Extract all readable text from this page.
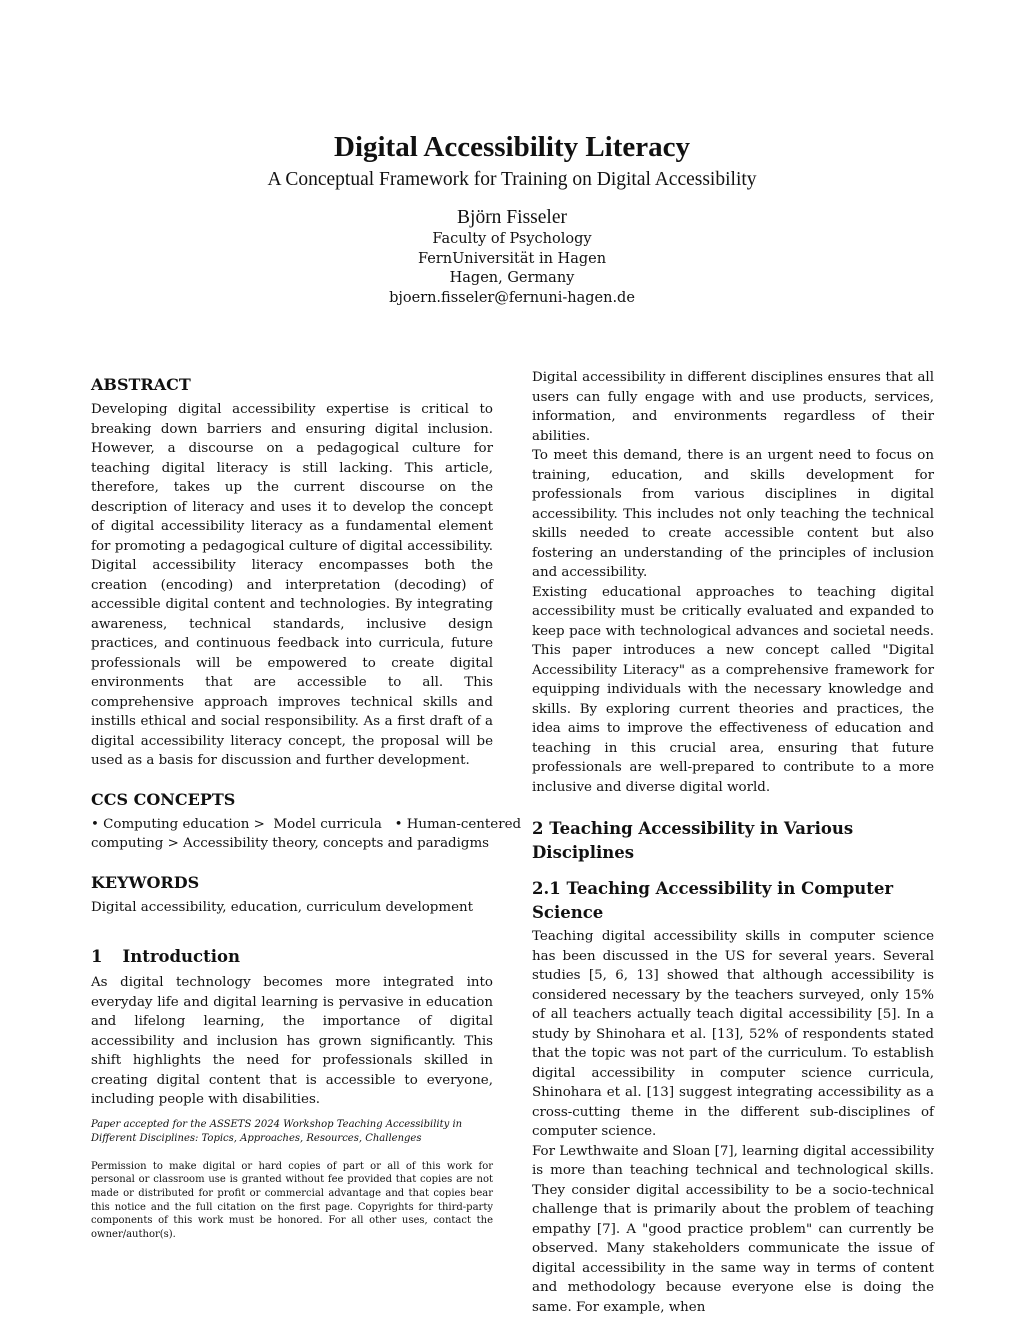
Digital Accessibility Literacy
A Conceptual Framework for Training on Digital Accessibility
Björn Fisseler
Faculty of Psychology
FernUniversität in Hagen
Hagen, Germany
bjoern.fisseler@fernuni-hagen.de
ABSTRACT

Developing digital accessibility expertise is critical to breaking down barriers and ensuring digital inclusion. However, a discourse on a pedagogical culture for teaching digital literacy is still lacking. This article, therefore, takes up the current discourse on the description of literacy and uses it to develop the concept of digital accessibility literacy as a fundamental element for promoting a pedagogical culture of digital accessibility. Digital accessibility literacy encompasses both the creation (encoding) and interpretation (decoding) of accessible digital content and technologies. By integrating awareness, technical standards, inclusive design practices, and continuous feedback into curricula, future professionals will be empowered to create digital environments that are accessible to all. This comprehensive approach improves technical skills and instills ethical and social responsibility. As a first draft of a digital accessibility literacy concept, the proposal will be used as a basis for discussion and further development.

CCS CONCEPTS
• Computing education >  Model curricula   • Human-centered
computing > Accessibility theory, concepts and paradigms
KEYWORDS
Digital accessibility, education, curriculum development
1 Introduction

As digital technology becomes more integrated into everyday life and digital learning is pervasive in education and lifelong learning, the importance of digital accessibility and inclusion has grown significantly. This shift highlights the need for professionals skilled in creating digital content that is accessible to everyone, including people with disabilities.

Paper accepted for the ASSETS 2024 Workshop Teaching Accessibility in

Different Disciplines: Topics, Approaches, Resources, Challenges

Permission to make digital or hard copies of part or all of this work for personal or classroom use is granted without fee provided that copies are not made or distributed for profit or commercial advantage and that copies bear this notice and the full citation on the first page. Copyrights for third-party components of this work must be honored. For all other uses, contact the owner/author(s).

Digital accessibility in different disciplines ensures that all users can fully engage with and use products, services, information, and environments regardless of their abilities.

To meet this demand, there is an urgent need to focus on training, education, and skills development for professionals from various disciplines in digital accessibility. This includes not only teaching the technical skills needed to create accessible content but also fostering an understanding of the principles of inclusion and accessibility.

Existing educational approaches to teaching digital accessibility must be critically evaluated and expanded to keep pace with technological advances and societal needs. This paper introduces a new concept called "Digital Accessibility Literacy" as a comprehensive framework for equipping individuals with the necessary knowledge and skills. By exploring current theories and practices, the idea aims to improve the effectiveness of education and teaching in this crucial area, ensuring that future professionals are well-prepared to contribute to a more inclusive and diverse digital world.

2 Teaching Accessibility in Various Disciplines
2.1 Teaching Accessibility in Computer Science

Teaching digital accessibility skills in computer science has been discussed in the US for several years. Several studies [5, 6, 13] showed that although accessibility is considered necessary by the teachers surveyed, only 15% of all teachers actually teach digital accessibility [5]. In a study by Shinohara et al. [13], 52% of respondents stated that the topic was not part of the curriculum. To establish digital accessibility in computer science curricula, Shinohara et al. [13] suggest integrating accessibility as a cross-cutting theme in the different sub-disciplines of computer science.

For Lewthwaite and Sloan [7], learning digital accessibility is more than teaching technical and technological skills. They consider digital accessibility to be a socio-technical challenge that is primarily about the problem of teaching empathy [7]. A "good practice problem" can currently be observed. Many stakeholders communicate the issue of digital accessibility in the same way in terms of content and methodology because everyone else is doing the same. For example, when
